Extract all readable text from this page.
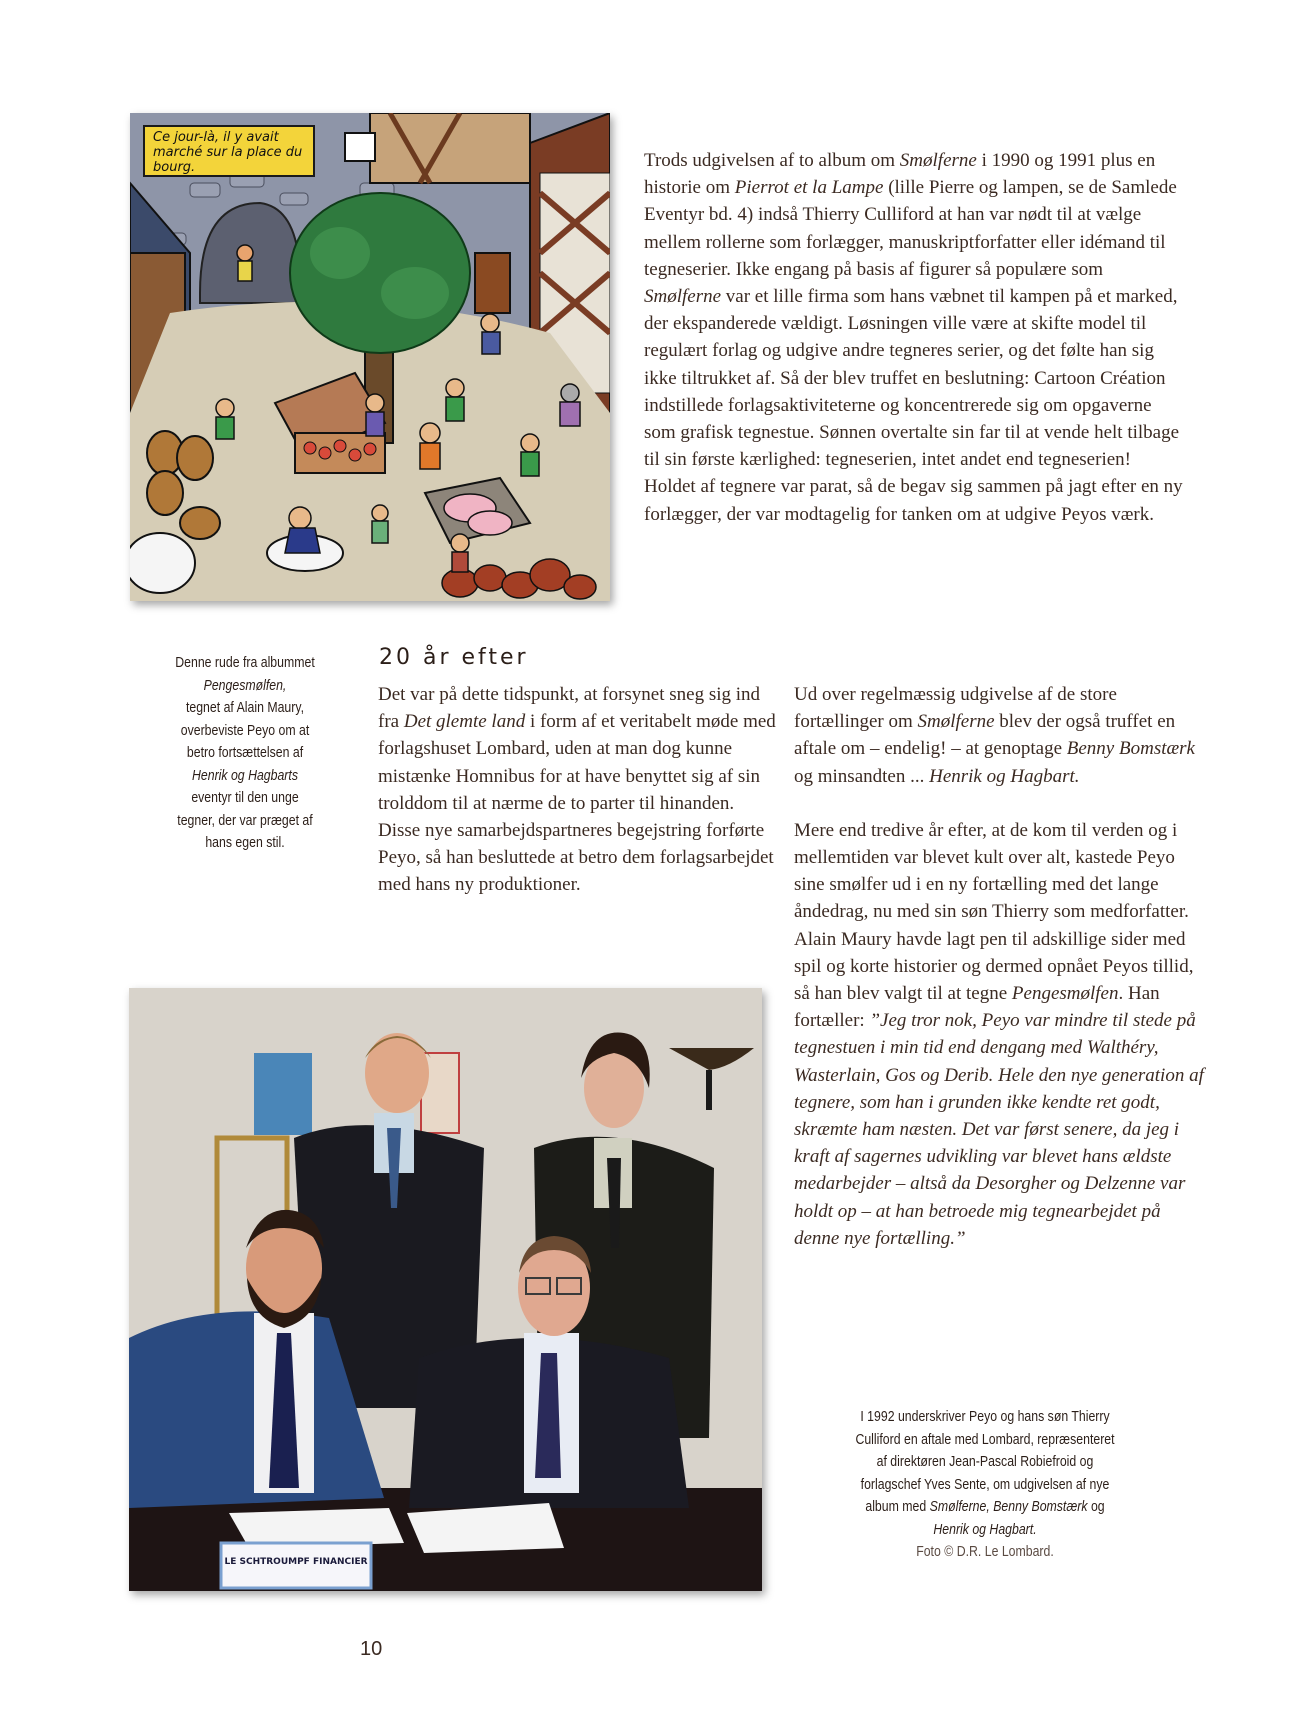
Ce jour-là, il y avait marché sur la place du bourg.	Trods udgivelsen af to album om Smølferne i 1990 og 1991 plus en historie om Pierrot et la Lampe (lille Pierre og lampen, se de Samlede Eventyr bd. 4) indså Thierry Culliford at han var nødt til at vælge mellem rollerne som forlægger, manuskriptforfatter eller idémand til tegneserier. Ikke engang på basis af figurer så populære som Smølferne var et lille firma som hans væbnet til kampen på et marked, der ekspanderede vældigt. Løsningen ville være at skifte model til regulært forlag og udgive andre tegneres serier, og det følte han sig ikke tiltrukket af. Så der blev truffet en beslutning: Cartoon Création indstillede forlagsaktiviteterne og koncentrerede sig om opgaverne som grafisk tegnestue. Sønnen overtalte sin far til at vende helt tilbage til sin første kærlighed: tegneserien, intet andet end tegneserien! Holdet af tegnere var parat, så de begav sig sammen på jagt efter en ny forlægger, der var modtagelig for tanken om at udgive Peyos værk.

Denne rude fra albummet
Pengesmølfen,
tegnet af Alain Maury, overbeviste Peyo om at betro fortsættelsen af
Henrik og Hagbarts
eventyr til den unge tegner, der var præget af hans egen stil.
20 år efter

Det var på dette tidspunkt, at forsynet sneg sig ind fra Det glemte land i form af et veritabelt møde med forlagshuset Lombard, uden at man dog kunne mistænke Homnibus for at have benyttet sig af sin trolddom til at nærme de to parter til hinanden. Disse nye samarbejdspartneres begejstring forførte Peyo, så han besluttede at betro dem forlagsarbejdet med hans ny produktioner.

Ud over regelmæssig udgivelse af de store fortællinger om Smølferne blev der også truffet en aftale om – endelig! – at genoptage Benny Bomstærk og minsandten ... Henrik og Hagbart.

Mere end tredive år efter, at de kom til verden og i mellemtiden var blevet kult over alt, kastede Peyo sine smølfer ud i en ny fortælling med det lange åndedrag, nu med sin søn Thierry som medforfatter. Alain Maury havde lagt pen til adskillige sider med spil og korte historier og dermed opnået Peyos tillid, så han blev valgt til at tegne Pengesmølfen. Han fortæller: ”Jeg tror nok, Peyo var mindre til stede på tegnestuen i min tid end dengang med Walthéry, Wasterlain, Gos og Derib. Hele den nye generation af tegnere, som han i grunden ikke kendte ret godt, skræmte ham næsten. Det var først senere, da jeg i kraft af sagernes udvikling var blevet hans ældste medarbejder – altså da Desorgher og Delzenne var holdt op – at han betroede mig tegnearbejdet på denne nye fortælling.”

LE SCHTROUMPF FINANCIER
I 1992 underskriver Peyo og hans søn Thierry Culliford en aftale med Lombard, repræsenteret af direktøren Jean-Pascal Robiefroid og forlagschef Yves Sente, om udgivelsen af nye album med Smølferne, Benny Bomstærk og
Henrik og Hagbart.
Foto © D.R. Le Lombard.
10
